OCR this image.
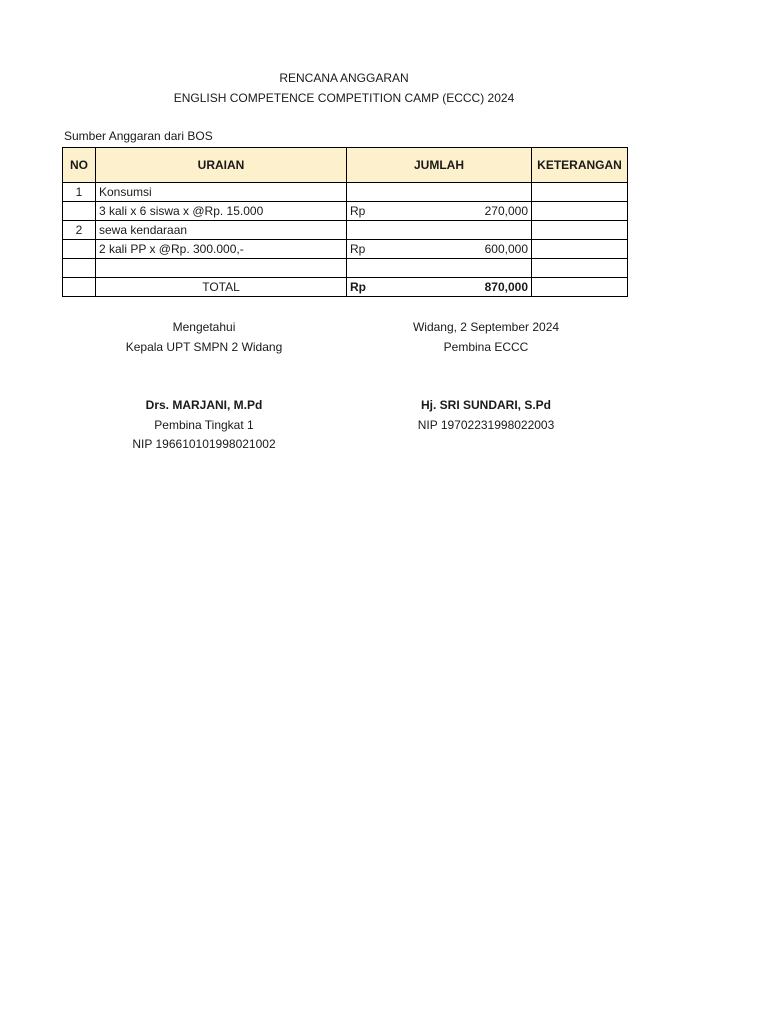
RENCANA ANGGARAN
ENGLISH COMPETENCE COMPETITION CAMP (ECCC) 2024
Sumber Anggaran dari BOS
NO	URAIAN	JUMLAH	KETERANGAN
1	Konsumsi	

	3 kali x 6 siswa x @Rp. 15.000	Rp 270,000	

2	sewa kendaraan	

	2 kali PP x @Rp. 300.000,-	Rp 600,000	

	TOTAL	Rp 870,000	

Mengetahui
Kepala UPT SMPN 2 Widang
Drs. MARJANI, M.Pd
Pembina Tingkat 1
NIP 196610101998021002
Widang, 2 September 2024
Pembina ECCC
Hj. SRI SUNDARI, S.Pd
NIP 19702231998022003
